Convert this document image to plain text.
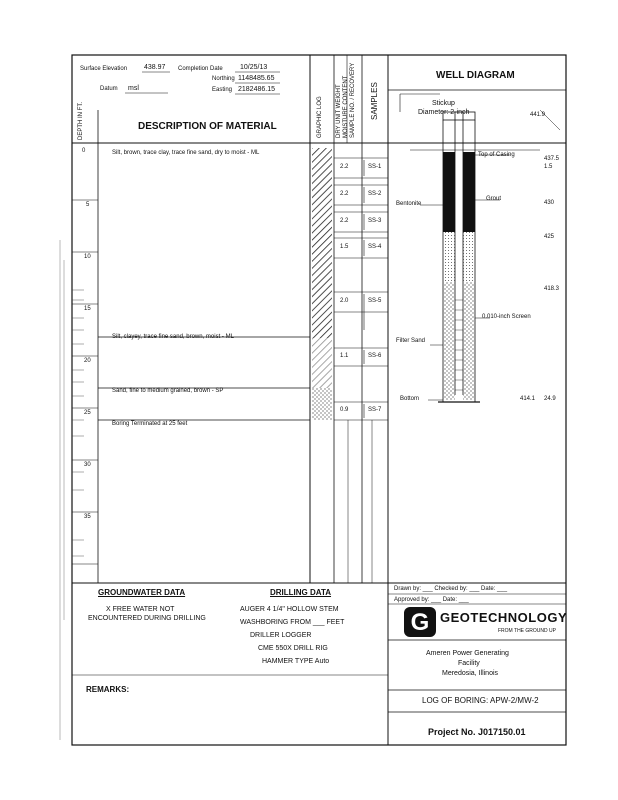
G
Surface Elevation 438.97 Completion Date 10/25/13
Datum msl
Northing 1148485.65
Easting 2182486.15
DEPTH IN FT.	DESCRIPTION OF MATERIAL	GRAPHIC LOG DRY UNIT WEIGHT MOISTURE CONTENT SAMPLE NO. / RECOVERY SAMPLES
WELL DIAGRAM
0
5
10
15
20
25
30
35
Silt, brown, trace clay, trace fine sand, dry to moist - ML
Silt, clayey, trace fine sand, brown, moist - ML
Sand, fine to medium grained, brown - SP
Boring Terminated at 25 feet
2.2	SS-1
2.2	SS-2
2.2	SS-3
1.5	SS-4
2.0	SS-5
1.1	SS-6
0.9	SS-7
Stickup
Diameter: 2-inch
Top of Casing
Grout
Bentonite
0.010-inch Screen
Filter Sand
Bottom
441.9
437.5
1.5
430
425
418.3
414.1 24.9
GROUNDWATER DATA
X FREE WATER NOT
ENCOUNTERED DURING DRILLING
DRILLING DATA
AUGER 4 1/4" HOLLOW STEM
WASHBORING FROM ___ FEET
DRILLER LOGGER
CME 550X DRILL RIG
HAMMER TYPE Auto
REMARKS:
Drawn by: ___ Checked by: ___ Date: ___
Approved by: ___ Date: ___
GEOTECHNOLOGY
FROM THE GROUND UP
Ameren Power Generating
Facility
Meredosia, Illinois
LOG OF BORING: APW-2/MW-2
Project No. J017150.01
